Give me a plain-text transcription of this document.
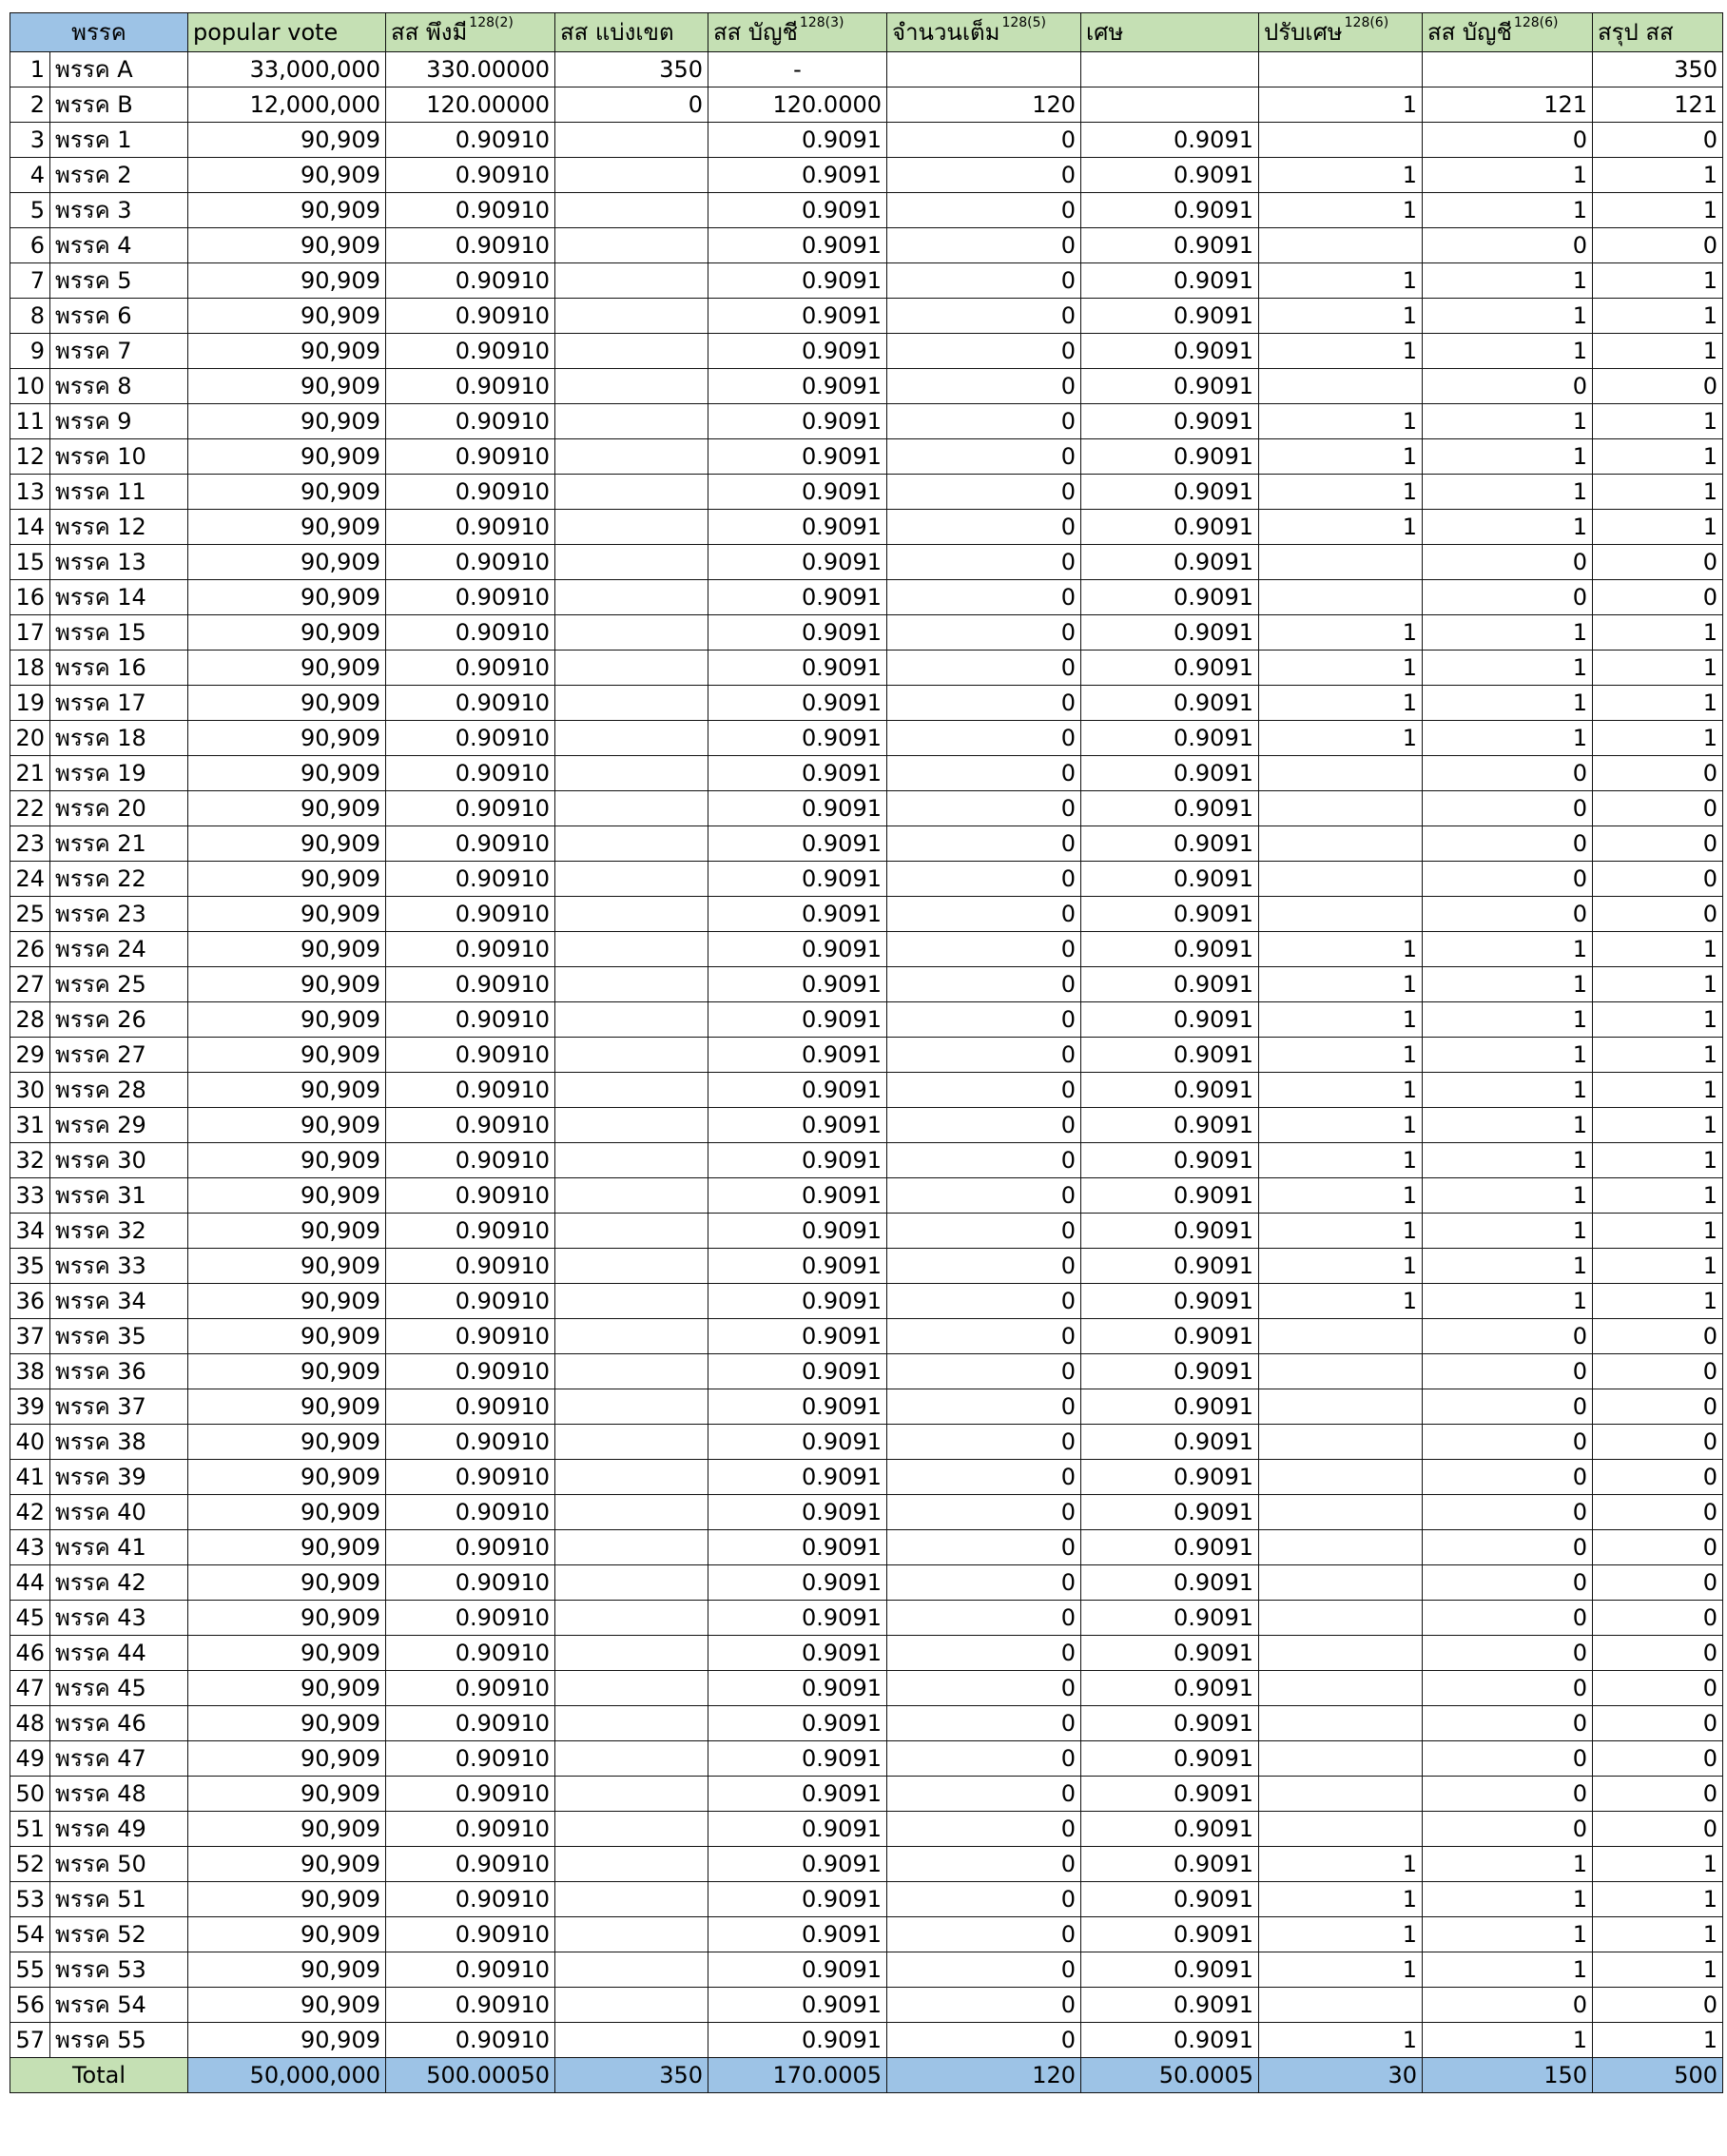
พรรค		popular vote	สส พึงมี $^{128(2)}$	สส แบ่งเขต	สส บัญชี $^{128(3)}$	จำนวนเต็ม $^{128(5)}$	เศษ	ปรับเศษ $^{128(6)}$	สส บัญชี $^{128(6)}$	สรุป สส
1	พรรค A	33,000,000	330.00000	350	-					350
2	พรรค B	12,000,000	120.00000	0	120.0000	120		1	121	121
3	พรรค 1	90,909	0.90910		0.9091	0	0.9091		0	0
4	พรรค 2	90,909	0.90910		0.9091	0	0.9091	1	1	1
5	พรรค 3	90,909	0.90910		0.9091	0	0.9091	1	1	1
6	พรรค 4	90,909	0.90910		0.9091	0	0.9091		0	0
7	พรรค 5	90,909	0.90910		0.9091	0	0.9091	1	1	1
8	พรรค 6	90,909	0.90910		0.9091	0	0.9091	1	1	1
9	พรรค 7	90,909	0.90910		0.9091	0	0.9091	1	1	1
10	พรรค 8	90,909	0.90910		0.9091	0	0.9091		0	0
11	พรรค 9	90,909	0.90910		0.9091	0	0.9091	1	1	1
12	พรรค 10	90,909	0.90910		0.9091	0	0.9091	1	1	1
13	พรรค 11	90,909	0.90910		0.9091	0	0.9091	1	1	1
14	พรรค 12	90,909	0.90910		0.9091	0	0.9091	1	1	1
15	พรรค 13	90,909	0.90910		0.9091	0	0.9091		0	0
16	พรรค 14	90,909	0.90910		0.9091	0	0.9091		0	0
17	พรรค 15	90,909	0.90910		0.9091	0	0.9091	1	1	1
18	พรรค 16	90,909	0.90910		0.9091	0	0.9091	1	1	1
19	พรรค 17	90,909	0.90910		0.9091	0	0.9091	1	1	1
20	พรรค 18	90,909	0.90910		0.9091	0	0.9091	1	1	1
21	พรรค 19	90,909	0.90910		0.9091	0	0.9091		0	0
22	พรรค 20	90,909	0.90910		0.9091	0	0.9091		0	0
23	พรรค 21	90,909	0.90910		0.9091	0	0.9091		0	0
24	พรรค 22	90,909	0.90910		0.9091	0	0.9091		0	0
25	พรรค 23	90,909	0.90910		0.9091	0	0.9091		0	0
26	พรรค 24	90,909	0.90910		0.9091	0	0.9091	1	1	1
27	พรรค 25	90,909	0.90910		0.9091	0	0.9091	1	1	1
28	พรรค 26	90,909	0.90910		0.9091	0	0.9091	1	1	1
29	พรรค 27	90,909	0.90910		0.9091	0	0.9091	1	1	1
30	พรรค 28	90,909	0.90910		0.9091	0	0.9091	1	1	1
31	พรรค 29	90,909	0.90910		0.9091	0	0.9091	1	1	1
32	พรรค 30	90,909	0.90910		0.9091	0	0.9091	1	1	1
33	พรรค 31	90,909	0.90910		0.9091	0	0.9091	1	1	1
34	พรรค 32	90,909	0.90910		0.9091	0	0.9091	1	1	1
35	พรรค 33	90,909	0.90910		0.9091	0	0.9091	1	1	1
36	พรรค 34	90,909	0.90910		0.9091	0	0.9091	1	1	1
37	พรรค 35	90,909	0.90910		0.9091	0	0.9091		0	0
38	พรรค 36	90,909	0.90910		0.9091	0	0.9091		0	0
39	พรรค 37	90,909	0.90910		0.9091	0	0.9091		0	0
40	พรรค 38	90,909	0.90910		0.9091	0	0.9091		0	0
41	พรรค 39	90,909	0.90910		0.9091	0	0.9091		0	0
42	พรรค 40	90,909	0.90910		0.9091	0	0.9091		0	0
43	พรรค 41	90,909	0.90910		0.9091	0	0.9091		0	0
44	พรรค 42	90,909	0.90910		0.9091	0	0.9091		0	0
45	พรรค 43	90,909	0.90910		0.9091	0	0.9091		0	0
46	พรรค 44	90,909	0.90910		0.9091	0	0.9091		0	0
47	พรรค 45	90,909	0.90910		0.9091	0	0.9091		0	0
48	พรรค 46	90,909	0.90910		0.9091	0	0.9091		0	0
49	พรรค 47	90,909	0.90910		0.9091	0	0.9091		0	0
50	พรรค 48	90,909	0.90910		0.9091	0	0.9091		0	0
51	พรรค 49	90,909	0.90910		0.9091	0	0.9091		0	0
52	พรรค 50	90,909	0.90910		0.9091	0	0.9091	1	1	1
53	พรรค 51	90,909	0.90910		0.9091	0	0.9091	1	1	1
54	พรรค 52	90,909	0.90910		0.9091	0	0.9091	1	1	1
55	พรรค 53	90,909	0.90910		0.9091	0	0.9091	1	1	1
56	พรรค 54	90,909	0.90910		0.9091	0	0.9091		0	0
57	พรรค 55	90,909	0.90910		0.9091	0	0.9091	1	1	1
Total		50,000,000	500.00050	350	170.0005	120	50.0005	30	150	500
